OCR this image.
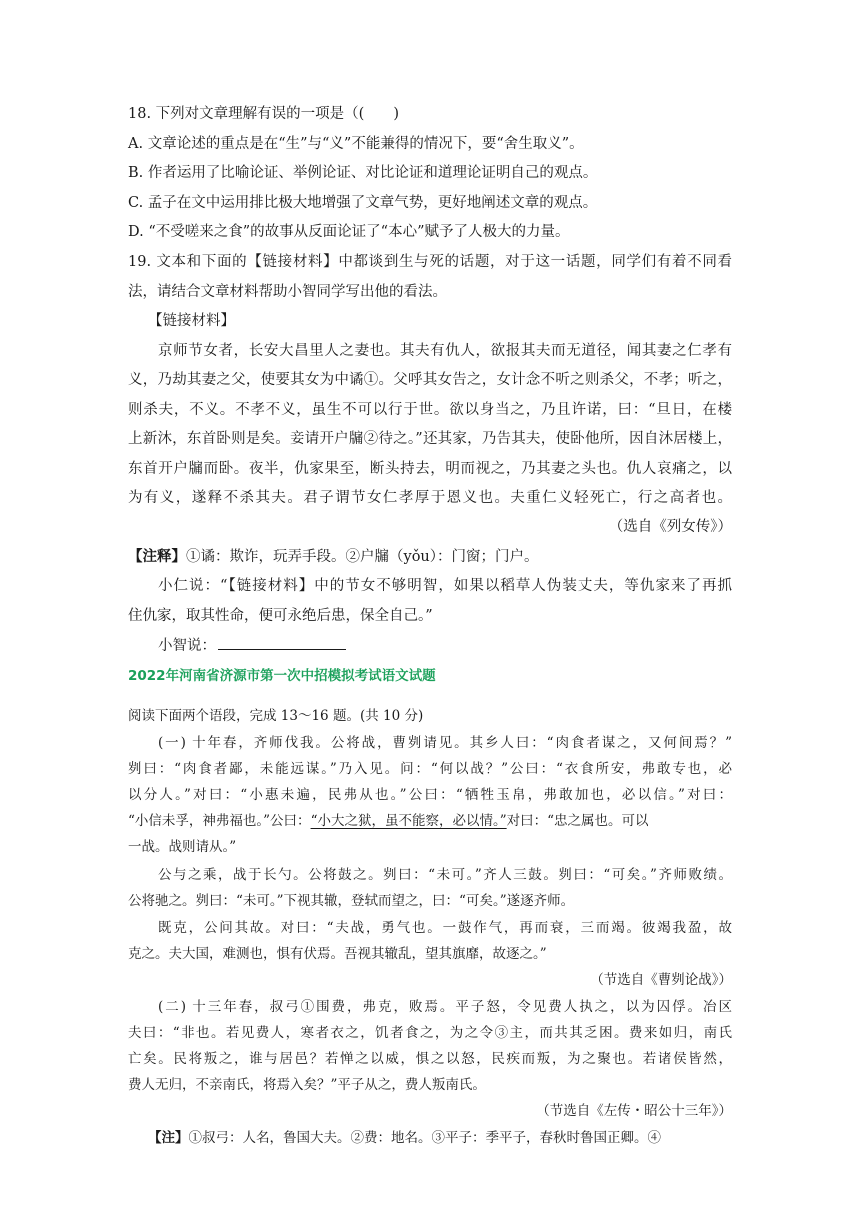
18. 下列对文章理解有误的一项是（(　　)
A. 文章论述的重点是在“生”与“义”不能兼得的情况下，要“舍生取义”。
B. 作者运用了比喻论证、举例论证、对比论证和道理论证明自己的观点。
C. 孟子在文中运用排比极大地增强了文章气势，更好地阐述文章的观点。
D. “不受嗟来之食”的故事从反面论证了“本心”赋予了人极大的力量。
19. 文本和下面的【链接材料】中都谈到生与死的话题，对于这一话题，同学们有着不同看
法，请结合文章材料帮助小智同学写出他的看法。
【链接材料】
京师节女者，长安大昌里人之妻也。其夫有仇人，欲报其夫而无道径，闻其妻之仁孝有
义，乃劫其妻之父，使要其女为中谲①。父呼其女告之，女计念不听之则杀父，不孝；听之，
则杀夫，不义。不孝不义，虽生不可以行于世。欲以身当之，乃且许诺，曰：“旦日，在楼
上新沐，东首卧则是矣。妾请开户牖②待之。”还其家，乃告其夫，使卧他所，因自沐居楼上，
东首开户牖而卧。夜半，仇家果至，断头持去，明而视之，乃其妻之头也。仇人哀痛之，以
为有义，遂释不杀其夫。君子谓节女仁孝厚于恩义也。夫重仁义轻死亡，行之高者也。
（选自《列女传》）
【注释】①谲：欺诈，玩弄手段。②户牖（yǒu）：门窗；门户。
小仁说：“【链接材料】中的节女不够明智，如果以稻草人伪装丈夫，等仇家来了再抓
住仇家，取其性命，便可永绝后患，保全自己。”
小智说：
2022年河南省济源市第一次中招模拟考试语文试题
阅读下面两个语段，完成 13～16 题。(共 10 分)
(一) 十年春，齐师伐我。公将战，曹刿请见。其乡人曰：“肉食者谋之，又何间焉？”
刿曰：“肉食者鄙，未能远谋。”乃入见。问：“何以战？”公曰：“衣食所安，弗敢专也，必
以分人。”对曰：“小惠未遍，民弗从也。”公曰：“牺牲玉帛，弗敢加也，必以信。”对曰：
“小信未孚，神弗福也。”公曰：“小大之狱，虽不能察，必以情。”对曰：“忠之属也。可以
一战。战则请从。”
公与之乘，战于长勺。公将鼓之。刿曰：“未可。”齐人三鼓。刿曰：“可矣。”齐师败绩。
公将驰之。刿曰：“未可。”下视其辙，登轼而望之，曰：“可矣。”遂逐齐师。
既克，公问其故。对曰：“夫战，勇气也。一鼓作气，再而衰，三而竭。彼竭我盈，故
克之。夫大国，难测也，惧有伏焉。吾视其辙乱，望其旗靡，故逐之。”
（节选自《曹刿论战》）
(二) 十三年春，叔弓①围费，弗克，败焉。平子怒，令见费人执之，以为囚俘。冶区
夫曰：“非也。若见费人，寒者衣之，饥者食之，为之令③主，而共其乏困。费来如归，南氏
亡矣。民将叛之，谁与居邑？若惮之以威，惧之以怒，民疾而叛，为之聚也。若诸侯皆然，
费人无归，不亲南氏，将焉入矣？”平子从之，费人叛南氏。
（节选自《左传・昭公十三年》）
【注】①叔弓：人名，鲁国大夫。②费：地名。③平子：季平子，春秋时鲁国正卿。④
